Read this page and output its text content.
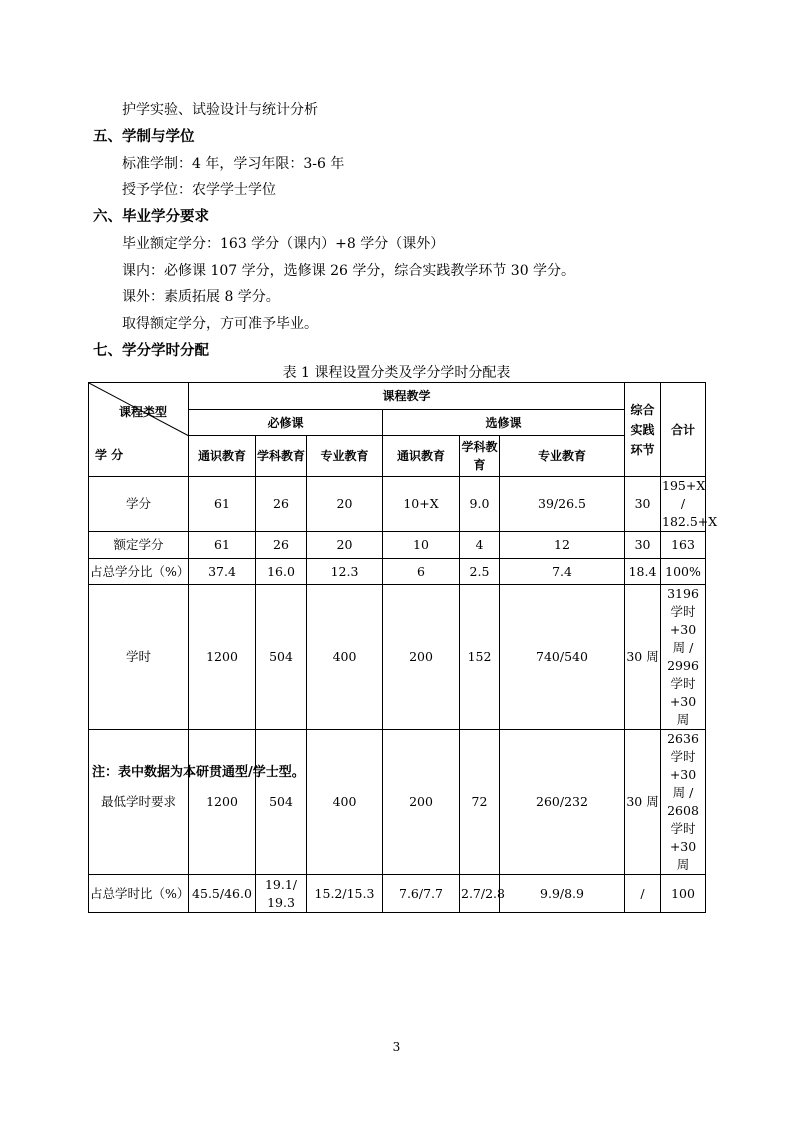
护学实验、试验设计与统计分析
五、学制与学位
标准学制：4 年，学习年限：3-6 年
授予学位：农学学士学位
六、毕业学分要求
毕业额定学分：163 学分（课内）+8 学分（课外）
课内：必修课 107 学分，选修课 26 学分，综合实践教学环节 30 学分。
课外：素质拓展 8 学分。
取得额定学分，方可准予毕业。
七、学分学时分配
表 1 课程设置分类及学分学时分配表
课程类型
学 分	课程教学						综合实践环节	合计
	必修课			选修课				
	通识教育	学科教育	专业教育	通识教育	学科教育	专业教育		
学分	61	26	20	10+X	9.0	39/26.5	30	195+X / 182.5+X
额定学分	61	26	20	10	4	12	30	163
占总学分比（%）	37.4	16.0	12.3	6	2.5	7.4	18.4	100%
学时	1200	504	400	200	152	740/540	30 周	3196 学时 +30 周 / 2996 学时 +30 周
最低学时要求	1200	504	400	200	72	260/232	30 周	2636 学时 +30 周 / 2608 学时 +30 周
占总学时比（%）	45.5/46.0	19.1/ 19.3	15.2/15.3	7.6/7.7	2.7/2.8	9.9/8.9	/	100
注：表中数据为本研贯通型/学士型。
3
